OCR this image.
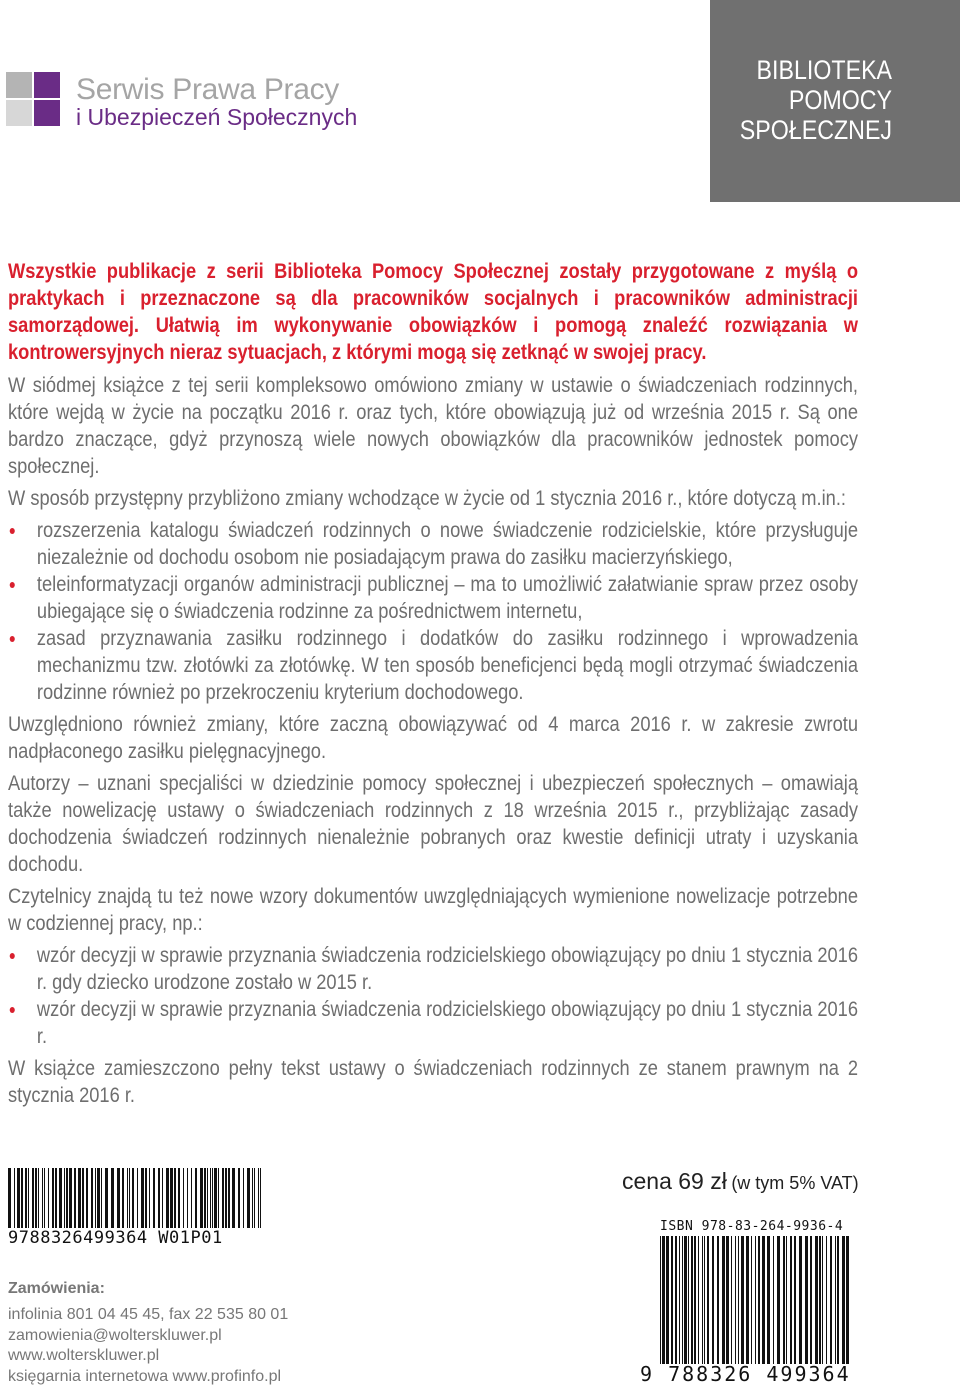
Serwis Prawa Pracy
i Ubezpieczeń Społecznych
BIBLIOTEKA
POMOCY
SPOŁECZNEJ

Wszystkie publikacje z serii Biblioteka Pomocy Społecznej zostały przygotowane z myślą o praktykach i przeznaczone są dla pracowników socjalnych i pracowników administracji samorządowej. Ułatwią im wykonywanie obowiązków i pomogą znaleźć rozwiązania w kontrowersyjnych nieraz sytuacjach, z którymi mogą się zetknąć w swojej pracy.

W siódmej książce z tej serii kompleksowo omówiono zmiany w ustawie o świadczeniach rodzinnych, które wejdą w życie na początku 2016 r. oraz tych, które obowiązują już od września 2015 r. Są one bardzo znaczące, gdyż przynoszą wiele nowych obowiązków dla pracowników jednostek pomocy społecznej.

W sposób przystępny przybliżono zmiany wchodzące w życie od 1 stycznia 2016 r., które dotyczą m.in.:

rozszerzenia katalogu świadczeń rodzinnych o nowe świadczenie rodzicielskie, które przysługuje niezależnie od dochodu osobom nie posiadającym prawa do zasiłku macierzyńskiego,
teleinformatyzacji organów administracji publicznej – ma to umożliwić załatwianie spraw przez osoby ubiegające się o świadczenia rodzinne za pośrednictwem internetu,
zasad przyznawania zasiłku rodzinnego i dodatków do zasiłku rodzinnego i wprowadzenia mechanizmu tzw. złotówki za złotówkę. W ten sposób beneficjenci będą mogli otrzymać świadczenia rodzinne również po przekroczeniu kryterium dochodowego.

Uwzględniono również zmiany, które zaczną obowiązywać od 4 marca 2016 r. w zakresie zwrotu nadpłaconego zasiłku pielęgnacyjnego.

Autorzy – uznani specjaliści w dziedzinie pomocy społecznej i ubezpieczeń społecznych – omawiają także nowelizację ustawy o świadczeniach rodzinnych z 18 września 2015 r., przybliżając zasady dochodzenia świadczeń rodzinnych nienależnie pobranych oraz kwestie definicji utraty i uzyskania dochodu.

Czytelnicy znajdą tu też nowe wzory dokumentów uwzględniających wymienione nowelizacje potrzebne w codziennej pracy, np.:

wzór decyzji w sprawie przyznania świadczenia rodzicielskiego obowiązujący po dniu 1 stycznia 2016 r. gdy dziecko urodzone zostało w 2015 r.
wzór decyzji w sprawie przyznania świadczenia rodzicielskiego obowiązujący po dniu 1 stycznia 2016 r.

W książce zamieszczono pełny tekst ustawy o świadczeniach rodzinnych ze stanem prawnym na 2 stycznia 2016 r.

9788326499364 W01P01
cena 69 zł (w tym 5% VAT)
ISBN 978-83-264-9936-4
9 788326 499364
Zamówienia:
infolinia 801 04 45 45, fax 22 535 80 01
zamowienia@wolterskluwer.pl
www.wolterskluwer.pl
księgarnia internetowa www.profinfo.pl
